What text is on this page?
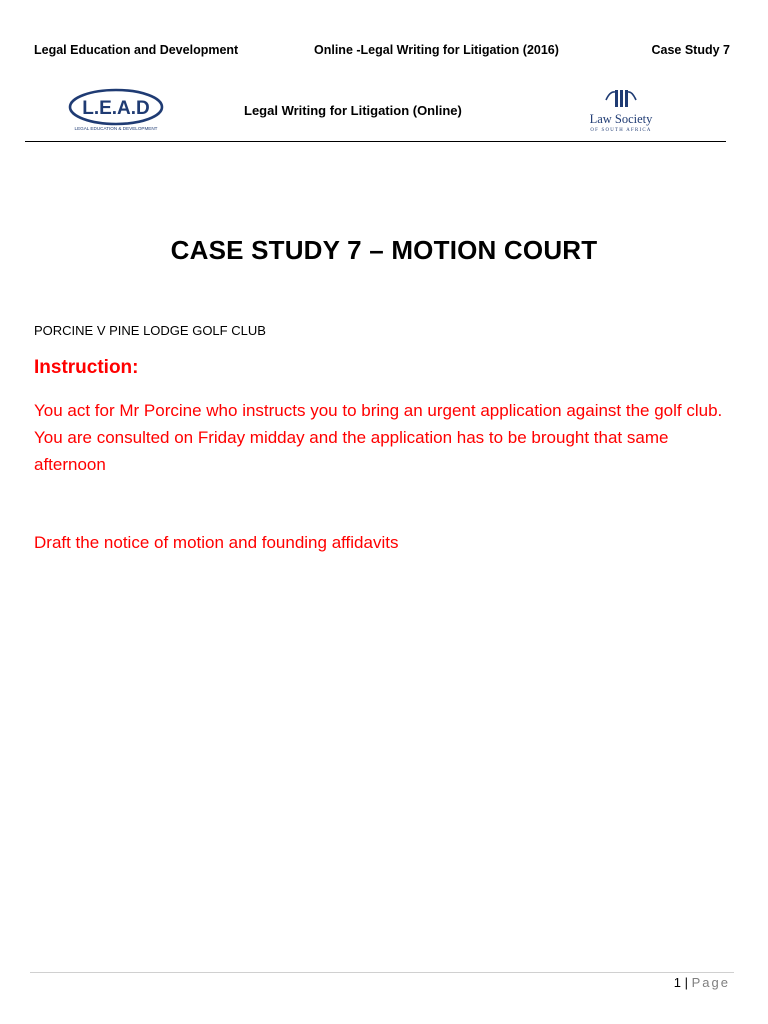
Legal Education and Development	Online -Legal Writing for Litigation (2016)	Case Study 7
L.E.A.D
LEGAL EDUCATION & DEVELOPMENT
Legal Writing for Litigation (Online)
Law Society
OF SOUTH AFRICA
CASE STUDY 7 – MOTION COURT
PORCINE V PINE LODGE GOLF CLUB
Instruction:
You act for Mr Porcine who instructs you to bring an urgent application against the golf club. You are consulted on Friday midday and the application has to be brought that same afternoon
Draft the notice of motion and founding affidavits
1 | Page
